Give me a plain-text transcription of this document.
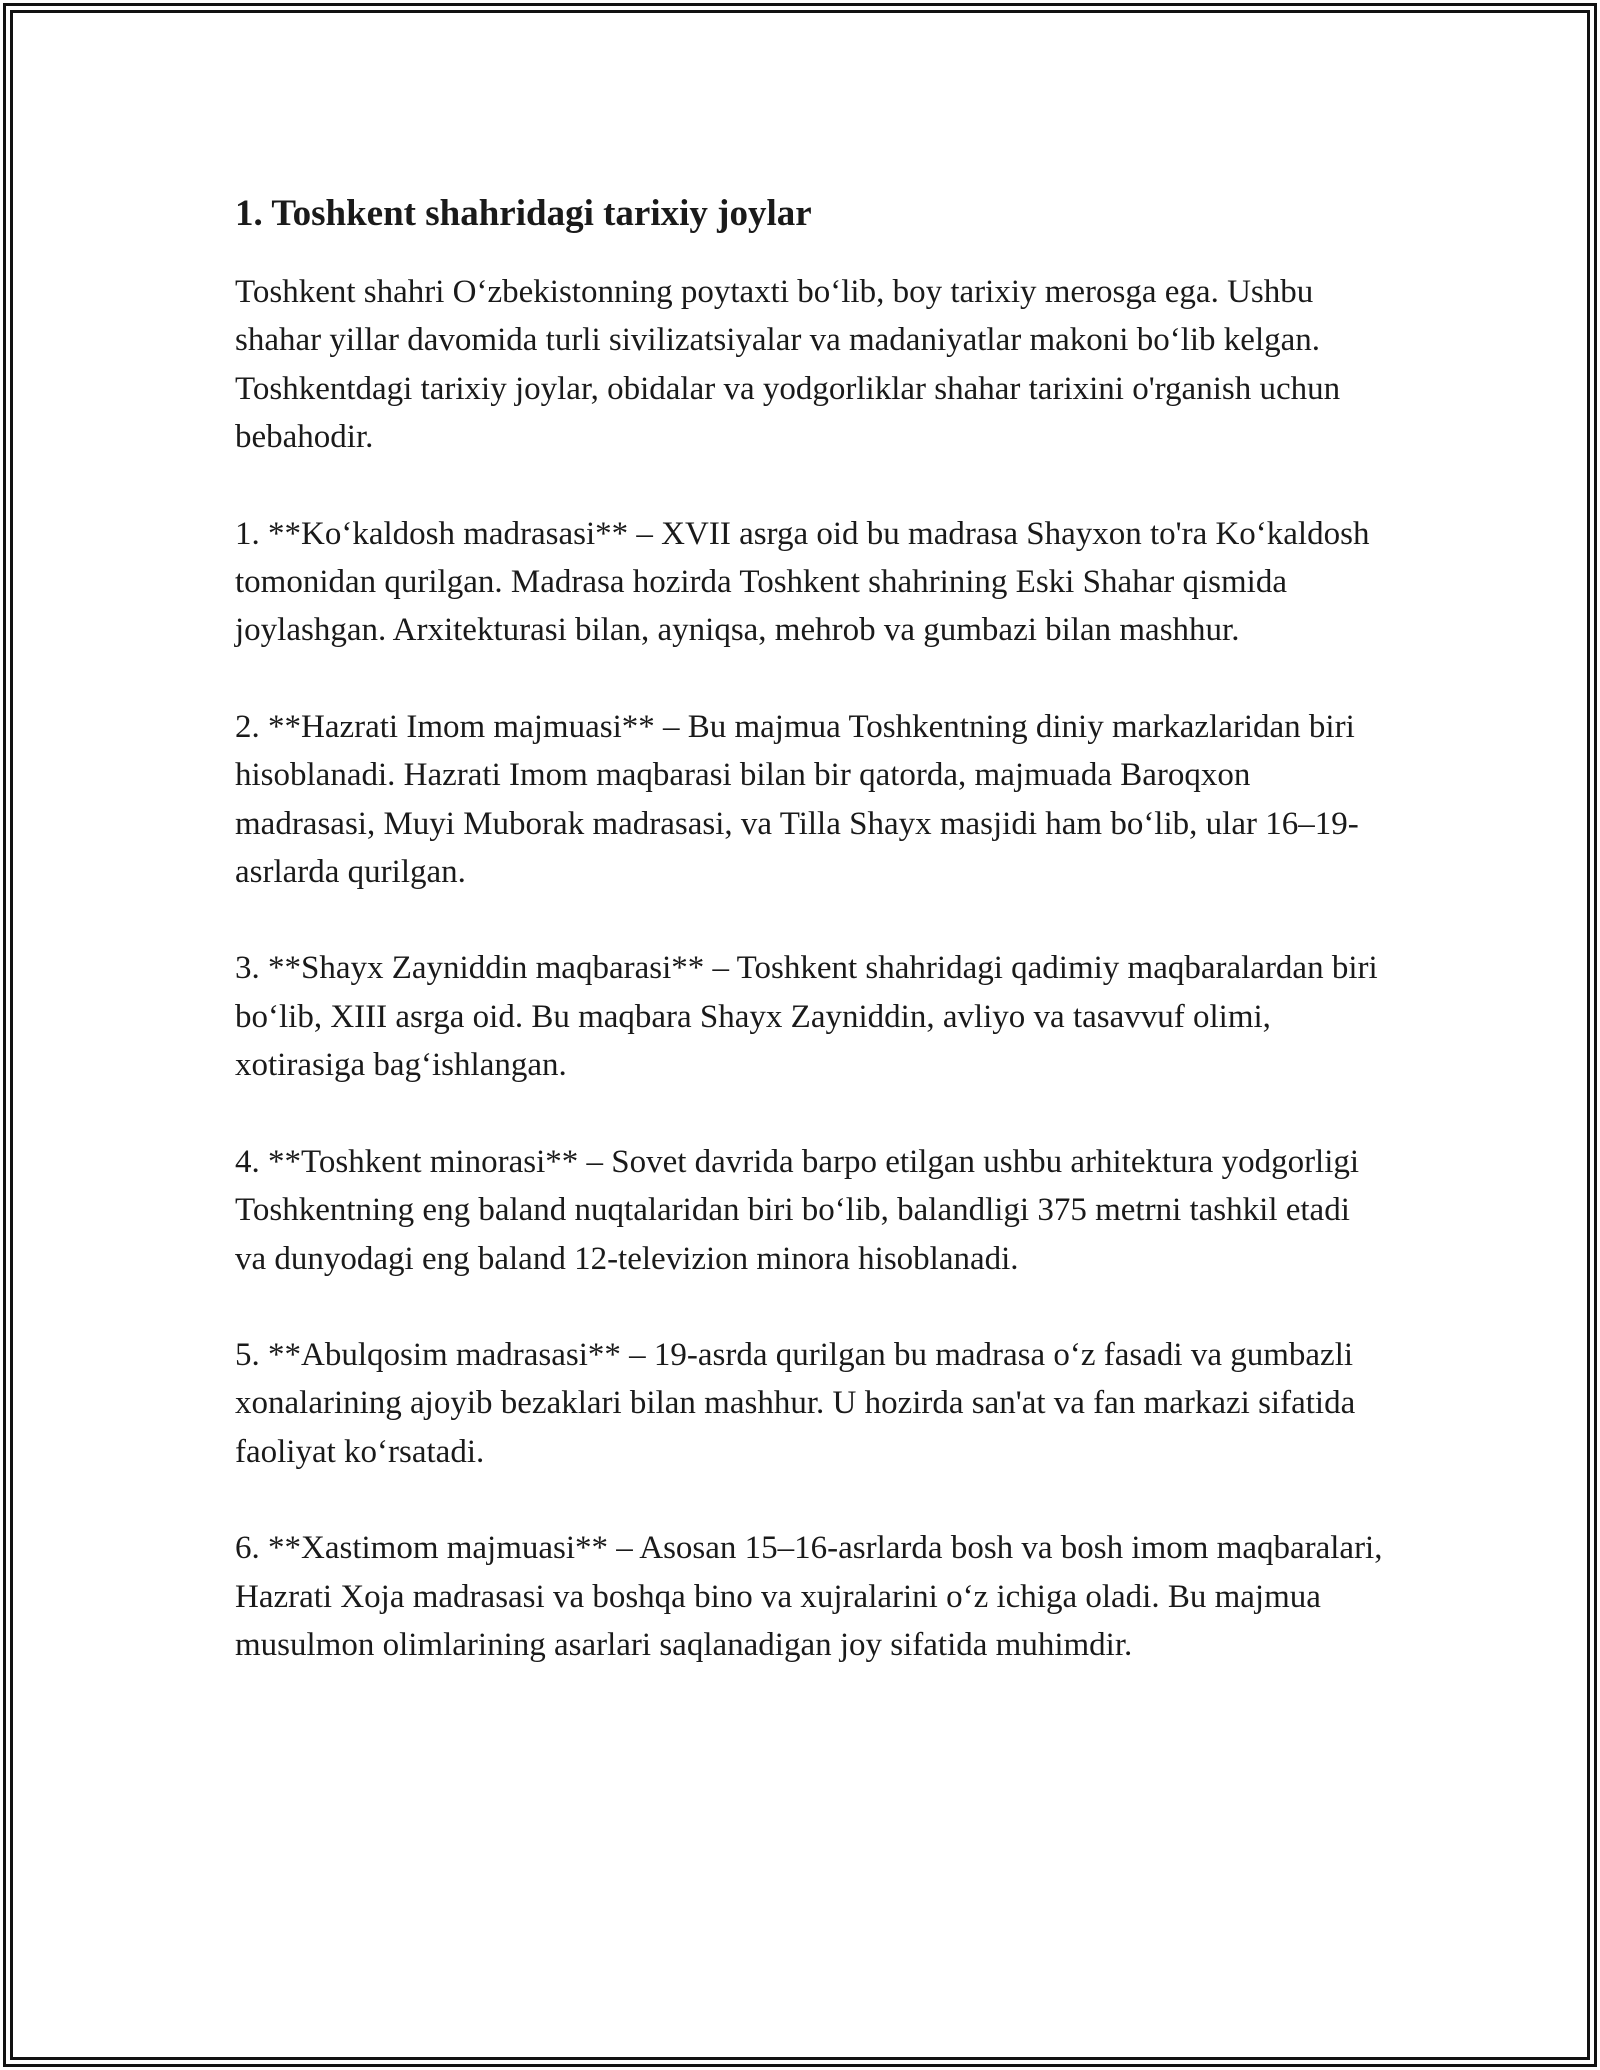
1. Toshkent shahridagi tarixiy joylar

Toshkent shahri O‘zbekistonning poytaxti bo‘lib, boy tarixiy merosga ega. Ushbu shahar yillar davomida turli sivilizatsiyalar va madaniyatlar makoni bo‘lib kelgan. Toshkentdagi tarixiy joylar, obidalar va yodgorliklar shahar tarixini o'rganish uchun bebahodir.

1. **Ko‘kaldosh madrasasi** – XVII asrga oid bu madrasa Shayxon to'ra Ko‘kaldosh tomonidan qurilgan. Madrasa hozirda Toshkent shahrining Eski Shahar qismida joylashgan. Arxitekturasi bilan, ayniqsa, mehrob va gumbazi bilan mashhur.

2. **Hazrati Imom majmuasi** – Bu majmua Toshkentning diniy markazlaridan biri hisoblanadi. Hazrati Imom maqbarasi bilan bir qatorda, majmuada Baroqxon madrasasi, Muyi Muborak madrasasi, va Tilla Shayx masjidi ham bo‘lib, ular 16–19-asrlarda qurilgan.

3. **Shayx Zayniddin maqbarasi** – Toshkent shahridagi qadimiy maqbaralardan biri bo‘lib, XIII asrga oid. Bu maqbara Shayx Zayniddin, avliyo va tasavvuf olimi, xotirasiga bag‘ishlangan.

4. **Toshkent minorasi** – Sovet davrida barpo etilgan ushbu arhitektura yodgorligi Toshkentning eng baland nuqtalaridan biri bo‘lib, balandligi 375 metrni tashkil etadi va dunyodagi eng baland 12-televizion minora hisoblanadi.

5. **Abulqosim madrasasi** – 19-asrda qurilgan bu madrasa o‘z fasadi va gumbazli xonalarining ajoyib bezaklari bilan mashhur. U hozirda san'at va fan markazi sifatida faoliyat ko‘rsatadi.

6. **Xastimom majmuasi** – Asosan 15–16-asrlarda bosh va bosh imom maqbaralari, Hazrati Xoja madrasasi va boshqa bino va xujralarini o‘z ichiga oladi. Bu majmua musulmon olimlarining asarlari saqlanadigan joy sifatida muhimdir.
